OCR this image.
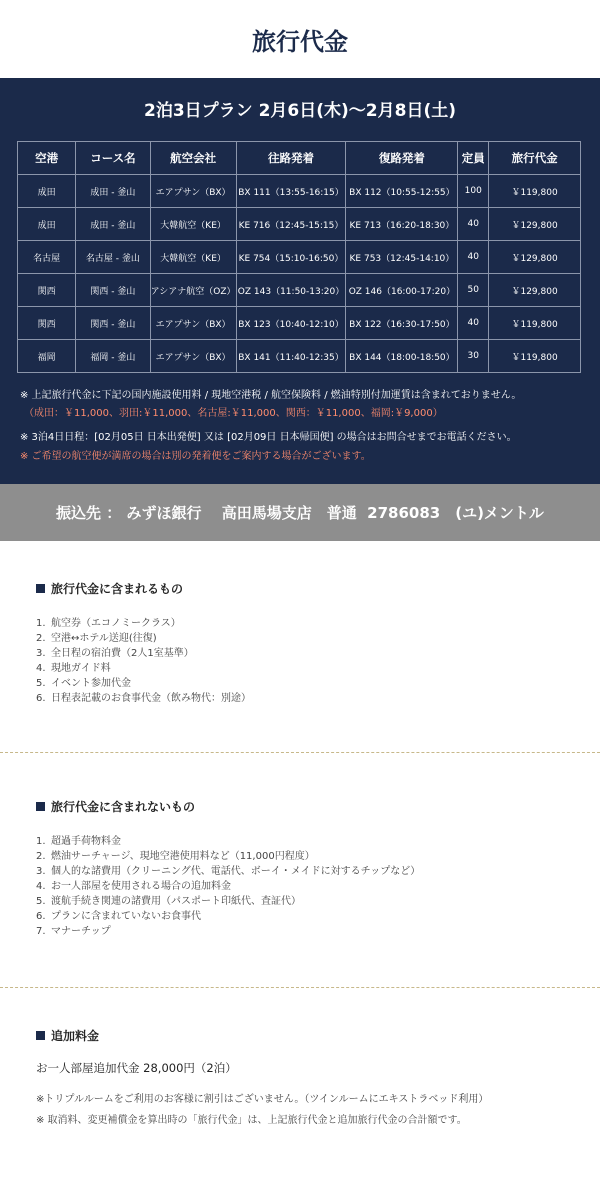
旅行代金
2泊3日プラン 2月6日(木)〜2月8日(土)
空港	コース名	航空会社	往路発着	復路発着	定員	旅行代金
成田	成田 - 釜山	エアプサン（BX）	BX 111（13:55-16:15）	BX 112（10:55-12:55）	100	￥119,800
成田	成田 - 釜山	大韓航空（KE）	KE 716（12:45-15:15）	KE 713（16:20-18:30）	40	￥129,800
名古屋	名古屋 - 釜山	大韓航空（KE）	KE 754（15:10-16:50）	KE 753（12:45-14:10）	40	￥129,800
関西	関西 - 釜山	アシアナ航空（OZ）	OZ 143（11:50-13:20）	OZ 146（16:00-17:20）	50	￥129,800
関西	関西 - 釜山	エアプサン（BX）	BX 123（10:40-12:10）	BX 122（16:30-17:50）	40	￥119,800
福岡	福岡 - 釜山	エアプサン（BX）	BX 141（11:40-12:35）	BX 144（18:00-18:50）	30	￥119,800
※ 上記旅行代金に下記の国内施設使用料 / 現地空港税 / 航空保険料 / 燃油特別付加運賃は含まれておりません。
（成田：￥11,000、羽田:￥11,000、名古屋:￥11,000、関西：￥11,000、福岡:￥9,000）
※ 3泊4日日程：[02月05日 日本出発便] 又は [02月09日 日本帰国便] の場合はお問合せまでお電話ください。
※ ご希望の航空便が満席の場合は別の発着便をご案内する場合がございます。
振込先 ： みずほ銀行　 高田馬場支店　普通  2786083　(ユ)メントル
旅行代金に含まれるもの
1. 航空券（エコノミークラス）
2. 空港↔ホテル送迎(往復)
3. 全日程の宿泊費（2人1室基準）
4. 現地ガイド料
5. イベント参加代金
6. 日程表記載のお食事代金（飲み物代：別途）
旅行代金に含まれないもの
1. 超過手荷物料金
2. 燃油サーチャージ、現地空港使用料など（11,000円程度）
3. 個人的な諸費用（クリーニング代、電話代、ボーイ・メイドに対するチップなど）
4. お一人部屋を使用される場合の追加料金
5. 渡航手続き関連の諸費用（パスポート印紙代、査証代）
6. プランに含まれていないお食事代
7. マナーチップ
追加料金
お一人部屋追加代金 28,000円（2泊）
※トリプルルームをご利用のお客様に割引はございません。（ツインルームにエキストラベッド利用）
※ 取消料、変更補償金を算出時の「旅行代金」は、上記旅行代金と追加旅行代金の合計額です。
